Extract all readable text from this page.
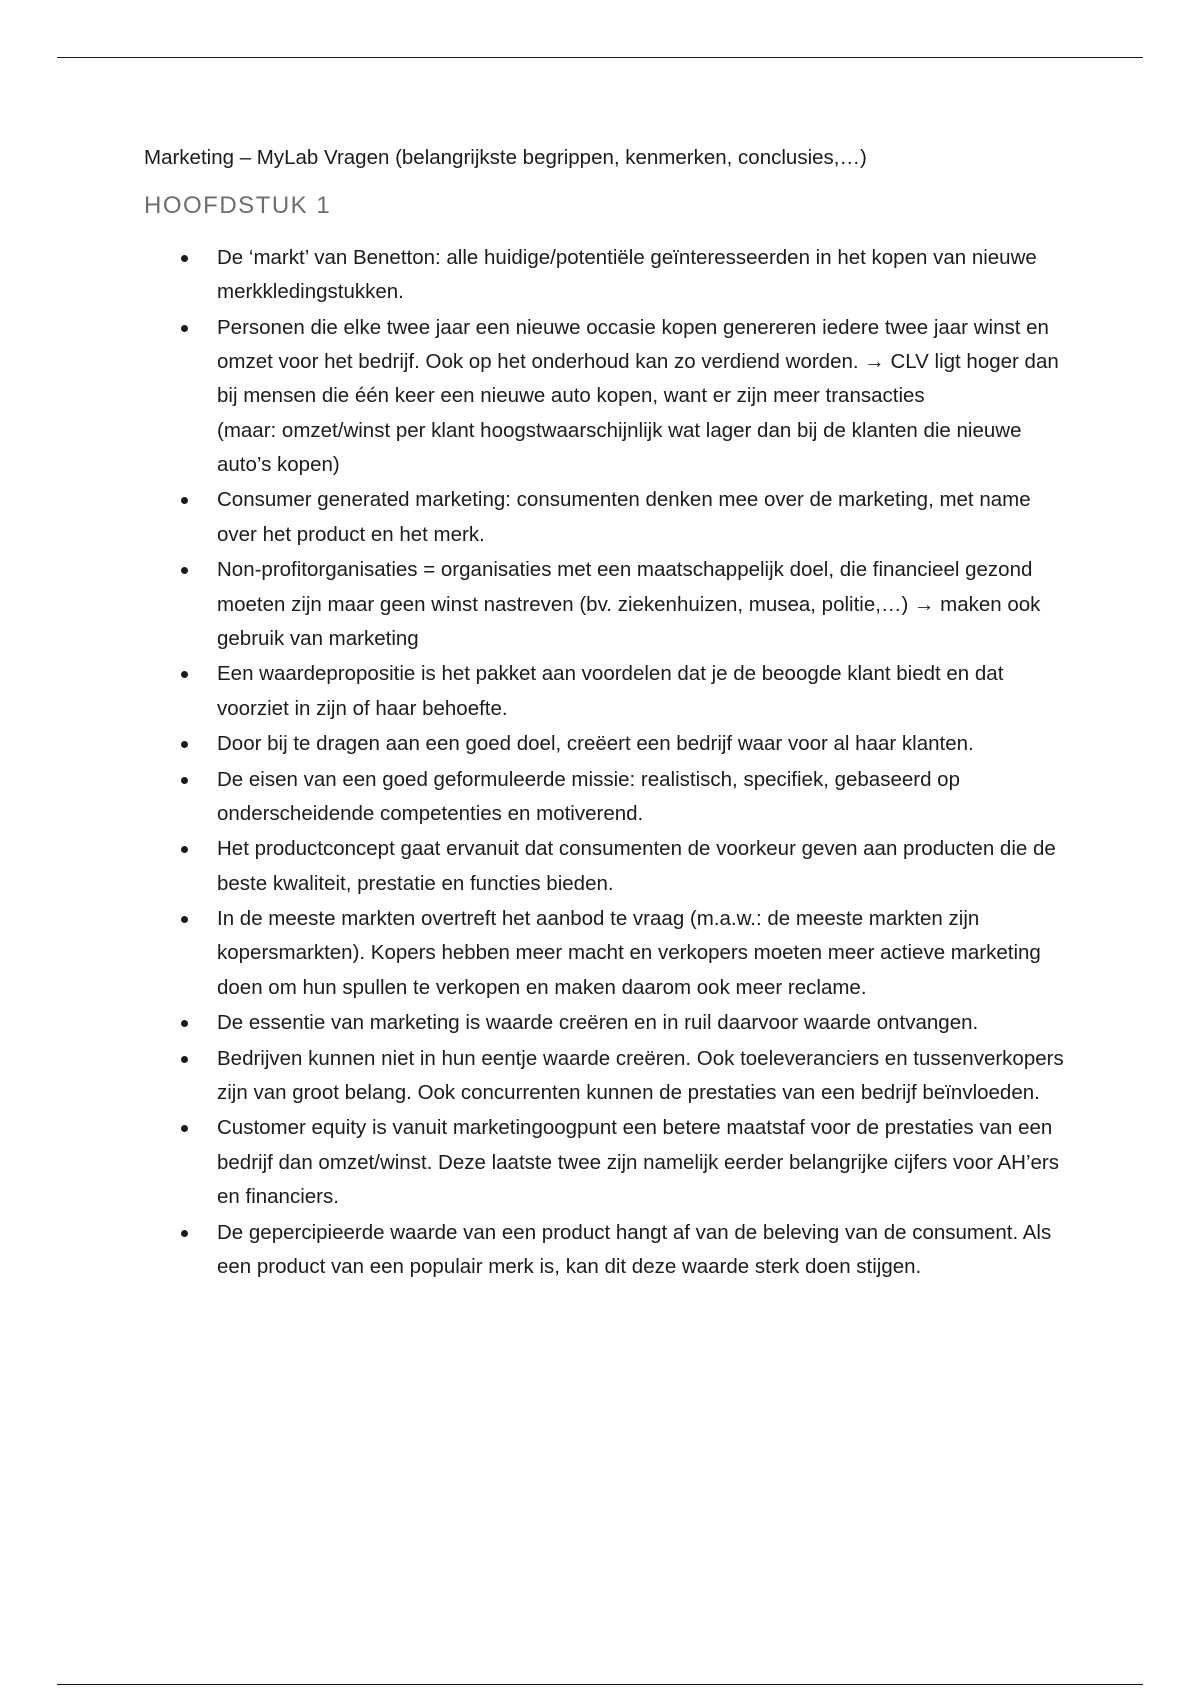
Marketing – MyLab Vragen (belangrijkste begrippen, kenmerken, conclusies,…)

HOOFDSTUK 1
De ‘markt’ van Benetton: alle huidige/potentiële geïnteresseerden in het kopen van nieuwe merkkledingstukken.
Personen die elke twee jaar een nieuwe occasie kopen genereren iedere twee jaar winst en omzet voor het bedrijf. Ook op het onderhoud kan zo verdiend worden. → CLV ligt hoger dan bij mensen die één keer een nieuwe auto kopen, want er zijn meer transacties
(maar: omzet/winst per klant hoogstwaarschijnlijk wat lager dan bij de klanten die nieuwe auto’s kopen)
Consumer generated marketing: consumenten denken mee over de marketing, met name over het product en het merk.
Non-profitorganisaties = organisaties met een maatschappelijk doel, die financieel gezond moeten zijn maar geen winst nastreven (bv. ziekenhuizen, musea, politie,…) → maken ook gebruik van marketing
Een waardepropositie is het pakket aan voordelen dat je de beoogde klant biedt en dat voorziet in zijn of haar behoefte.
Door bij te dragen aan een goed doel, creëert een bedrijf waar voor al haar klanten.
De eisen van een goed geformuleerde missie: realistisch, specifiek, gebaseerd op onderscheidende competenties en motiverend.
Het productconcept gaat ervanuit dat consumenten de voorkeur geven aan producten die de beste kwaliteit, prestatie en functies bieden.
In de meeste markten overtreft het aanbod te vraag (m.a.w.: de meeste markten zijn kopersmarkten). Kopers hebben meer macht en verkopers moeten meer actieve marketing doen om hun spullen te verkopen en maken daarom ook meer reclame.
De essentie van marketing is waarde creëren en in ruil daarvoor waarde ontvangen.
Bedrijven kunnen niet in hun eentje waarde creëren. Ook toeleveranciers en tussenverkopers zijn van groot belang. Ook concurrenten kunnen de prestaties van een bedrijf beïnvloeden.
Customer equity is vanuit marketingoogpunt een betere maatstaf voor de prestaties van een bedrijf dan omzet/winst. Deze laatste twee zijn namelijk eerder belangrijke cijfers voor AH’ers en financiers.
De gepercipieerde waarde van een product hangt af van de beleving van de consument. Als een product van een populair merk is, kan dit deze waarde sterk doen stijgen.
